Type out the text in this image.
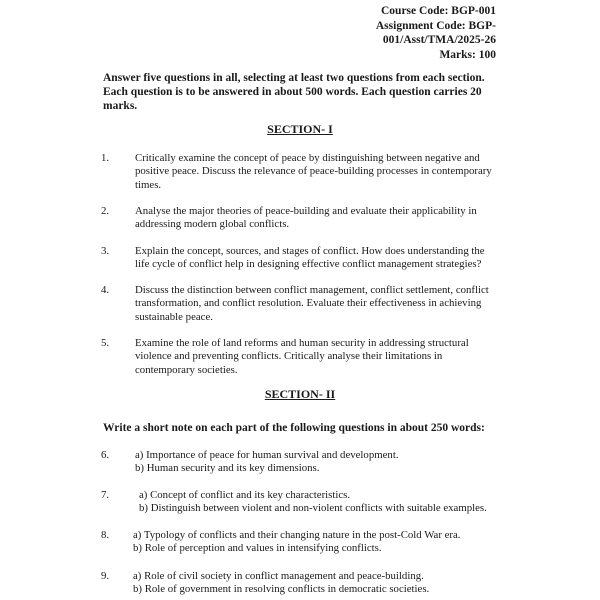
Course Code: BGP-001
Assignment Code: BGP-
001/Asst/TMA/2025-26
Marks: 100
Answer five questions in all, selecting at least two questions from each section. Each question is to be answered in about 500 words. Each question carries 20 marks.
SECTION- I
1. Critically examine the concept of peace by distinguishing between negative and
positive peace. Discuss the relevance of peace-building processes in contemporary
times.
2. Analyse the major theories of peace-building and evaluate their applicability in
addressing modern global conflicts.
3. Explain the concept, sources, and stages of conflict. How does understanding the
life cycle of conflict help in designing effective conflict management strategies?
4. Discuss the distinction between conflict management, conflict settlement, conflict
transformation, and conflict resolution. Evaluate their effectiveness in achieving
sustainable peace.
5. Examine the role of land reforms and human security in addressing structural
violence and preventing conflicts. Critically analyse their limitations in
contemporary societies.
SECTION- II
Write a short note on each part of the following questions in about 250 words:
6. a) Importance of peace for human survival and development.
b) Human security and its key dimensions.
7.	a) Concept of conflict and its key characteristics.
b) Distinguish between violent and non-violent conflicts with suitable examples.
8. a) Typology of conflicts and their changing nature in the post-Cold War era.
b) Role of perception and values in intensifying conflicts.
9. a) Role of civil society in conflict management and peace-building.
b) Role of government in resolving conflicts in democratic societies.
